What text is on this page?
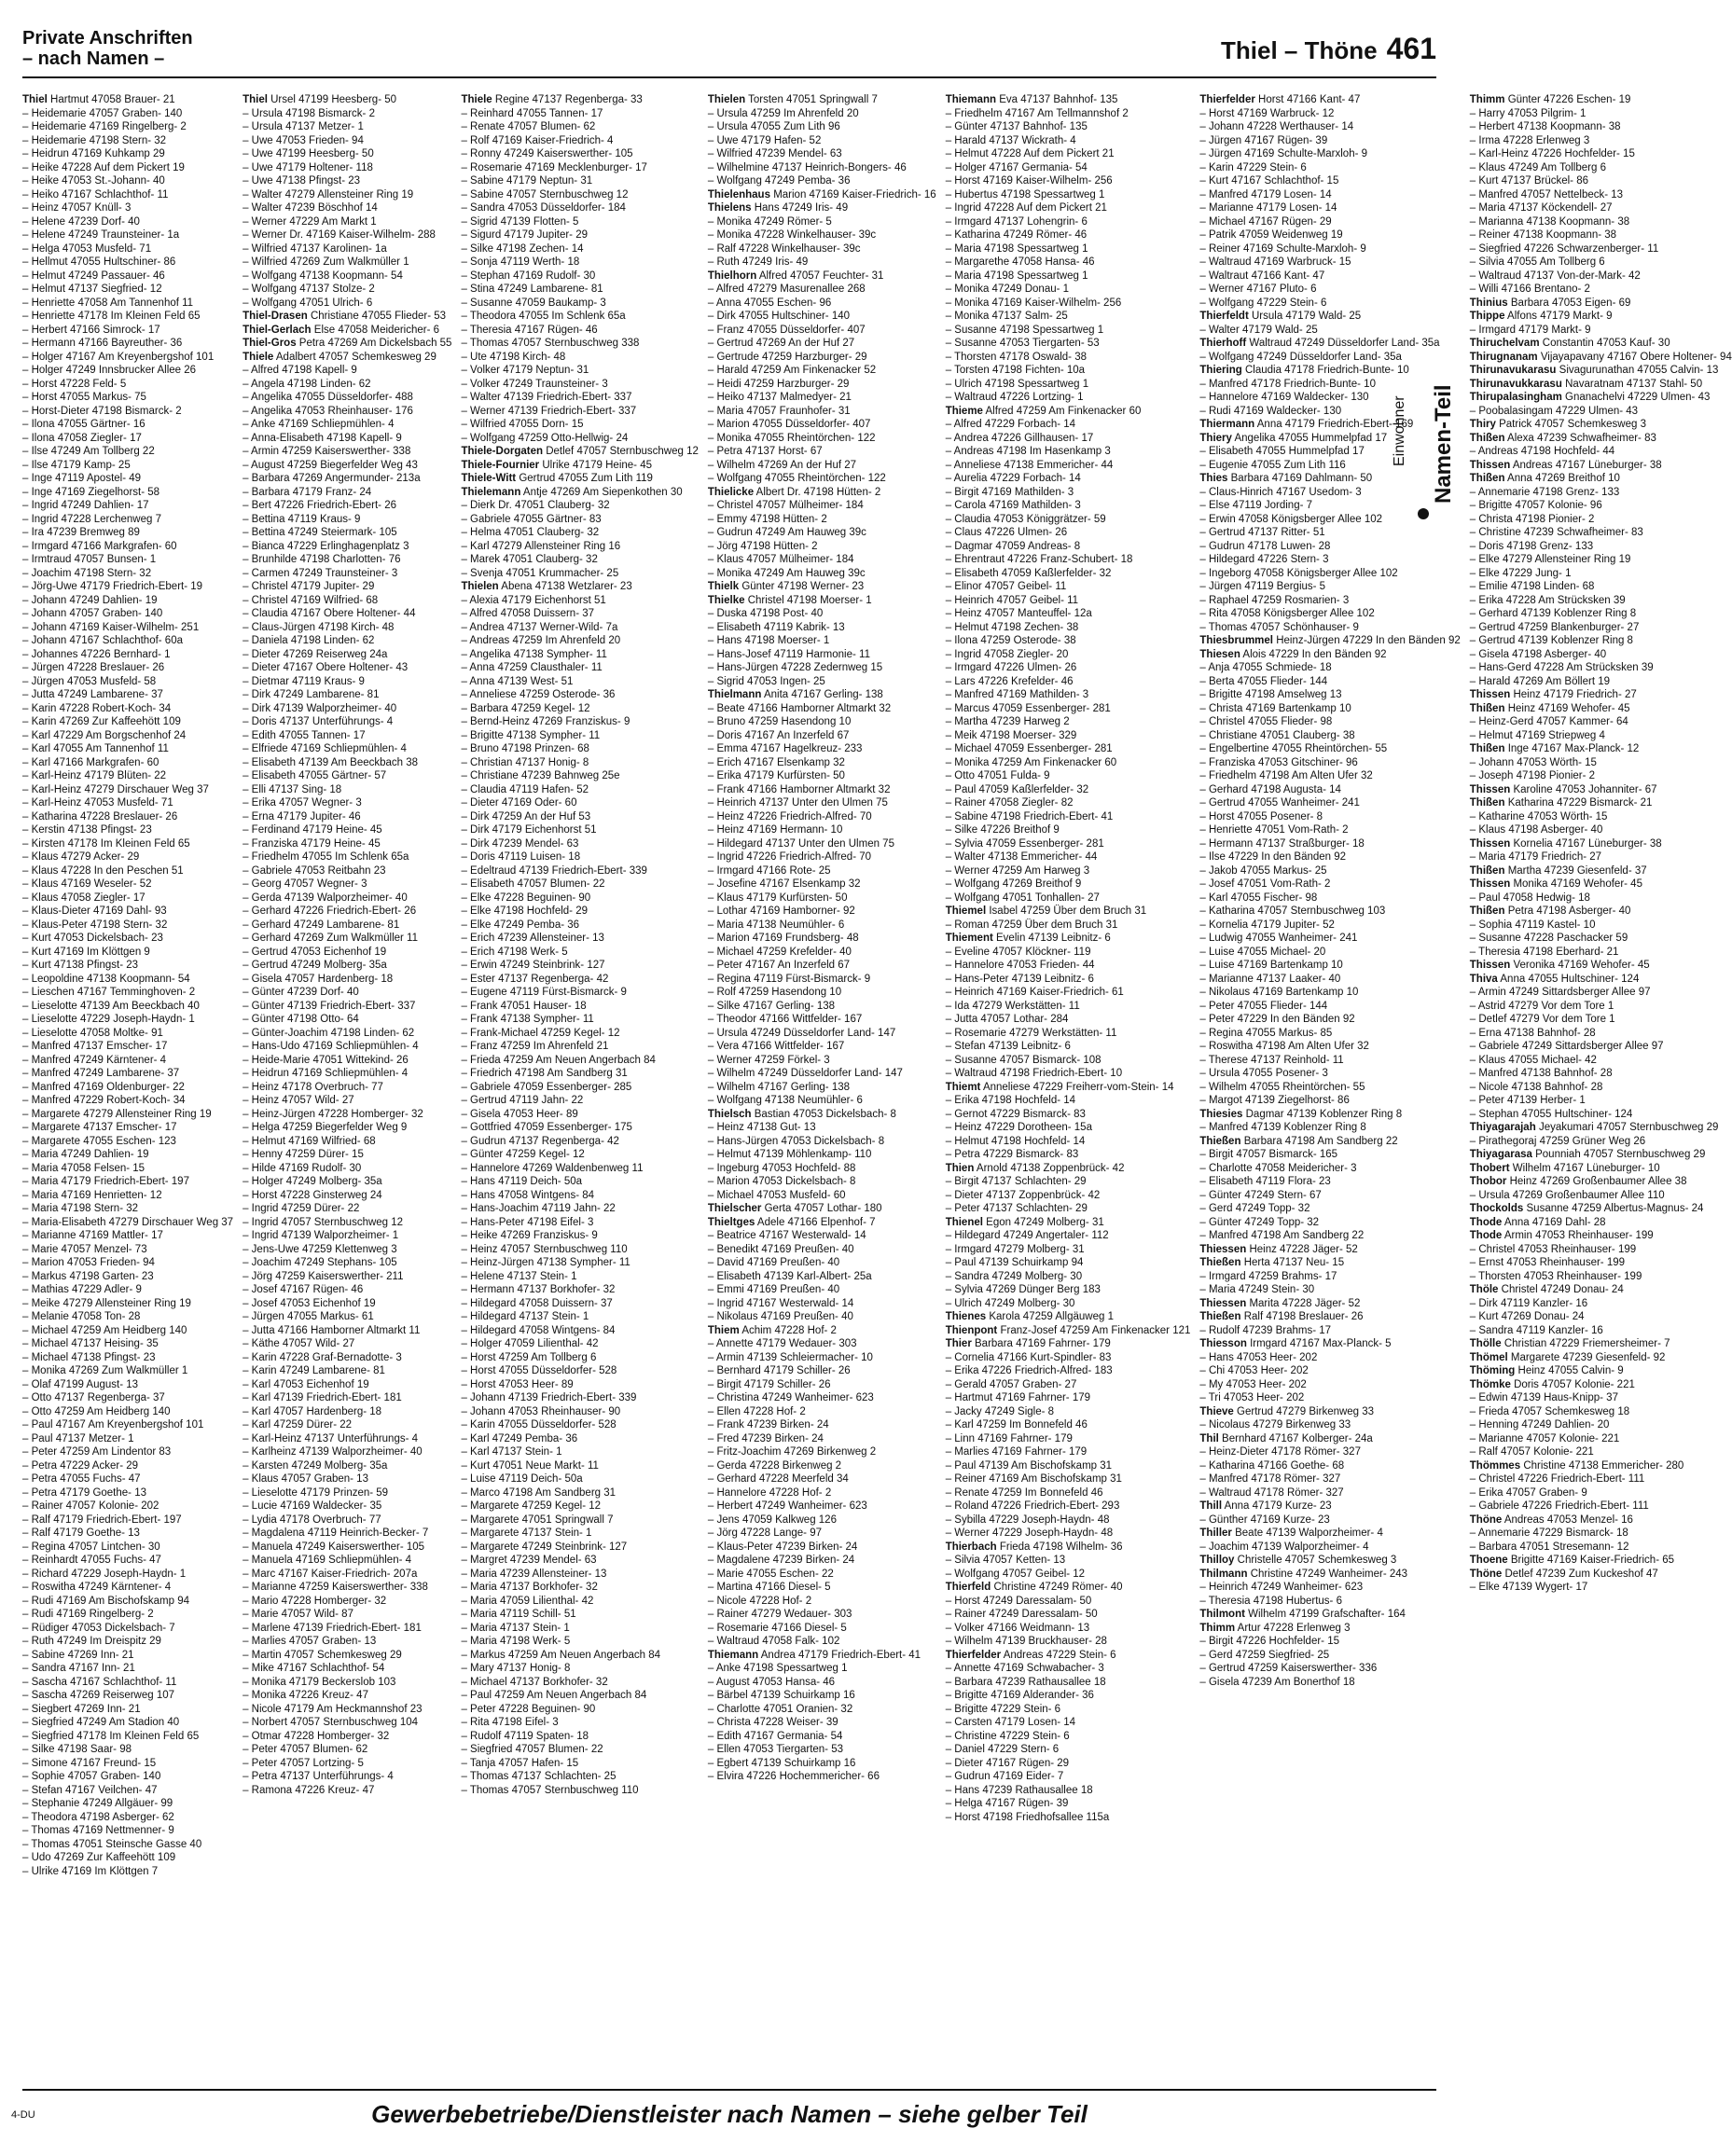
Private Anschriften
– nach Namen –	Thiel – Thöne 461
Thiel Hartmut 47058 Brauer- 21
– Heidemarie 47057 Graben- 140
– Heidemarie 47169 Ringelberg- 2
– Heidemarie 47198 Stern- 32
– Heidrun 47169 Kuhkamp 29
– Heike 47228 Auf dem Pickert 19
– Heike 47053 St.-Johann- 40
– Heiko 47167 Schlachthof- 11
– Heinz 47057 Knüll- 3
– Helene 47239 Dorf- 40
– Helene 47249 Traunsteiner- 1a
– Helga 47053 Musfeld- 71
– Hellmut 47055 Hultschiner- 86
– Helmut 47249 Passauer- 46
– Helmut 47137 Siegfried- 12
– Henriette 47058 Am Tannenhof 11
– Henriette 47178 Im Kleinen Feld 65
– Herbert 47166 Simrock- 17
– Hermann 47166 Bayreuther- 36
– Holger 47167 Am Kreyenbergshof 101
– Holger 47249 Innsbrucker Allee 26
– Horst 47228 Feld- 5
– Horst 47055 Markus- 75
– Horst-Dieter 47198 Bismarck- 2
– Ilona 47055 Gärtner- 16
– Ilona 47058 Ziegler- 17
– Ilse 47249 Am Tollberg 22
– Ilse 47179 Kamp- 25
– Inge 47119 Apostel- 49
– Inge 47169 Ziegelhorst- 58
– Ingrid 47249 Dahlien- 17
– Ingrid 47228 Lerchenweg 7
– Ira 47239 Bremweg 89
– Irmgard 47166 Markgrafen- 60
– Irmtraud 47057 Bunsen- 1
– Joachim 47198 Stern- 32
– Jörg-Uwe 47179 Friedrich-Ebert- 19
– Johann 47249 Dahlien- 19
– Johann 47057 Graben- 140
– Johann 47169 Kaiser-Wilhelm- 251
– Johann 47167 Schlachthof- 60a
– Johannes 47226 Bernhard- 1
– Jürgen 47228 Breslauer- 26
– Jürgen 47053 Musfeld- 58
– Jutta 47249 Lambarene- 37
– Karin 47228 Robert-Koch- 34
– Karin 47269 Zur Kaffeehött 109
– Karl 47229 Am Borgschenhof 24
– Karl 47055 Am Tannenhof 11
– Karl 47166 Markgrafen- 60
– Karl-Heinz 47179 Blüten- 22
– Karl-Heinz 47279 Dirschauer Weg 37
– Karl-Heinz 47053 Musfeld- 71
– Katharina 47228 Breslauer- 26
– Kerstin 47138 Pfingst- 23
– Kirsten 47178 Im Kleinen Feld 65
– Klaus 47279 Acker- 29
– Klaus 47228 In den Peschen 51
– Klaus 47169 Weseler- 52
– Klaus 47058 Ziegler- 17
– Klaus-Dieter 47169 Dahl- 93
– Klaus-Peter 47198 Stern- 32
– Kurt 47053 Dickelsbach- 23
– Kurt 47169 Im Klöttgen 9
– Kurt 47138 Pfingst- 23
– Leopoldine 47138 Koopmann- 54
– Lieschen 47167 Temminghoven- 2
– Lieselotte 47139 Am Beeckbach 40
– Lieselotte 47229 Joseph-Haydn- 1
– Lieselotte 47058 Moltke- 91
– Manfred 47137 Emscher- 17
– Manfred 47249 Kärntener- 4
– Manfred 47249 Lambarene- 37
– Manfred 47169 Oldenburger- 22
– Manfred 47229 Robert-Koch- 34
– Margarete 47279 Allensteiner Ring 19
– Margarete 47137 Emscher- 17
– Margarete 47055 Eschen- 123
– Maria 47249 Dahlien- 19
– Maria 47058 Felsen- 15
– Maria 47179 Friedrich-Ebert- 197
– Maria 47169 Henrietten- 12
– Maria 47198 Stern- 32
– Maria-Elisabeth 47279 Dirschauer Weg 37
– Marianne 47169 Mattler- 17
– Marie 47057 Menzel- 73
– Marion 47053 Frieden- 94
– Markus 47198 Garten- 23
– Mathias 47229 Adler- 9
– Meike 47279 Allensteiner Ring 19
– Melanie 47058 Ton- 28
– Michael 47259 Am Heidberg 140
– Michael 47137 Heising- 35
– Michael 47138 Pfingst- 23
– Monika 47269 Zum Walkmüller 1
– Olaf 47199 August- 13
– Otto 47137 Regenberga- 37
– Otto 47259 Am Heidberg 140
– Paul 47167 Am Kreyenbergshof 101
– Paul 47137 Metzer- 1
– Peter 47259 Am Lindentor 83
– Petra 47229 Acker- 29
– Petra 47055 Fuchs- 47
– Petra 47179 Goethe- 13
– Rainer 47057 Kolonie- 202
– Ralf 47179 Friedrich-Ebert- 197
– Ralf 47179 Goethe- 13
– Regina 47057 Lintchen- 30
– Reinhardt 47055 Fuchs- 47
– Richard 47229 Joseph-Haydn- 1
– Roswitha 47249 Kärntener- 4
– Rudi 47169 Am Bischofskamp 94
– Rudi 47169 Ringelberg- 2
– Rüdiger 47053 Dickelsbach- 7
– Ruth 47249 Im Dreispitz 29
– Sabine 47269 Inn- 21
– Sandra 47167 Inn- 21
– Sascha 47167 Schlachthof- 11
– Sascha 47269 Reiserweg 107
– Siegbert 47269 Inn- 21
– Siegfried 47249 Am Stadion 40
– Siegfried 47178 Im Kleinen Feld 65
– Silke 47198 Saar- 98
– Simone 47167 Freund- 15
– Sophie 47057 Graben- 140
– Stefan 47167 Veilchen- 47
– Stephanie 47249 Allgäuer- 99
– Theodora 47198 Asberger- 62
– Thomas 47169 Nettmenner- 9
– Thomas 47051 Steinsche Gasse 40
– Udo 47269 Zur Kaffeehött 109
– Ulrike 47169 Im Klöttgen 7
Thiel Ursel 47199 Heesberg- 50
– Ursula 47198 Bismarck- 2
– Ursula 47137 Metzer- 1
– Uwe 47053 Frieden- 94
– Uwe 47199 Heesberg- 50
– Uwe 47179 Holtener- 118
– Uwe 47138 Pfingst- 23
– Walter 47279 Allensteiner Ring 19
– Walter 47239 Böschhof 14
– Werner 47229 Am Markt 1
– Werner Dr. 47169 Kaiser-Wilhelm- 288
– Wilfried 47137 Karolinen- 1a
– Wilfried 47269 Zum Walkmüller 1
– Wolfgang 47138 Koopmann- 54
– Wolfgang 47137 Stolze- 2
– Wolfgang 47051 Ulrich- 6
Thiel-Drasen Christiane 47055 Flieder- 53
Thiel-Gerlach Else 47058 Meidericher- 6
Thiel-Gros Petra 47269 Am Dickelsbach 55
Thiele Adalbert 47057 Schemkesweg 29
– Alfred 47198 Kapell- 9
– Angela 47198 Linden- 62
– Angelika 47055 Düsseldorfer- 488
– Angelika 47053 Rheinhauser- 176
– Anke 47169 Schliepmühlen- 4
– Anna-Elisabeth 47198 Kapell- 9
– Armin 47259 Kaiserswerther- 338
– August 47259 Biegerfelder Weg 43
– Barbara 47269 Angermunder- 213a
– Barbara 47179 Franz- 24
– Bert 47226 Friedrich-Ebert- 26
– Bettina 47119 Kraus- 9
– Bettina 47249 Steiermark- 105
– Bianca 47229 Erlinghagenplatz 3
– Brunhilde 47198 Charlotten- 76
– Carmen 47249 Traunsteiner- 3
– Christel 47179 Jupiter- 29
– Christel 47169 Wilfried- 68
– Claudia 47167 Obere Holtener- 44
– Claus-Jürgen 47198 Kirch- 48
– Daniela 47198 Linden- 62
– Dieter 47269 Reiserweg 24a
– Dieter 47167 Obere Holtener- 43
– Dietmar 47119 Kraus- 9
– Dirk 47249 Lambarene- 81
– Dirk 47139 Walporzheimer- 40
– Doris 47137 Unterführungs- 4
– Edith 47055 Tannen- 17
– Elfriede 47169 Schliepmühlen- 4
– Elisabeth 47139 Am Beeckbach 38
– Elisabeth 47055 Gärtner- 57
– Elli 47137 Sing- 18
– Erika 47057 Wegner- 3
– Erna 47179 Jupiter- 46
– Ferdinand 47179 Heine- 45
– Franziska 47179 Heine- 45
– Friedhelm 47055 Im Schlenk 65a
– Gabriele 47053 Reitbahn 23
– Georg 47057 Wegner- 3
– Gerda 47139 Walporzheimer- 40
– Gerhard 47226 Friedrich-Ebert- 26
– Gerhard 47249 Lambarene- 81
– Gerhard 47269 Zum Walkmüller 11
– Gertrud 47053 Eichenhof 19
– Gertrud 47249 Molberg- 35a
– Gisela 47057 Hardenberg- 18
– Günter 47239 Dorf- 40
– Günter 47139 Friedrich-Ebert- 337
– Günter 47198 Otto- 64
– Günter-Joachim 47198 Linden- 62
– Hans-Udo 47169 Schliepmühlen- 4
– Heide-Marie 47051 Wittekind- 26
– Heidrun 47169 Schliepmühlen- 4
– Heinz 47178 Overbruch- 77
– Heinz 47057 Wild- 27
– Heinz-Jürgen 47228 Homberger- 32
– Helga 47259 Biegerfelder Weg 9
– Helmut 47169 Wilfried- 68
– Henny 47259 Dürer- 15
– Hilde 47169 Rudolf- 30
– Holger 47249 Molberg- 35a
– Horst 47228 Ginsterweg 24
– Ingrid 47259 Dürer- 22
– Ingrid 47057 Sternbuschweg 12
– Ingrid 47139 Walporzheimer- 1
– Jens-Uwe 47259 Klettenweg 3
– Joachim 47249 Stephans- 105
– Jörg 47259 Kaiserswerther- 211
– Josef 47167 Rügen- 46
– Josef 47053 Eichenhof 19
– Jürgen 47055 Markus- 61
– Jutta 47166 Hamborner Altmarkt 11
– Käthe 47057 Wild- 27
– Karin 47228 Graf-Bernadotte- 3
– Karin 47249 Lambarene- 81
– Karl 47053 Eichenhof 19
– Karl 47139 Friedrich-Ebert- 181
– Karl 47057 Hardenberg- 18
– Karl 47259 Dürer- 22
– Karl-Heinz 47137 Unterführungs- 4
– Karlheinz 47139 Walporzheimer- 40
– Karsten 47249 Molberg- 35a
– Klaus 47057 Graben- 13
– Lieselotte 47179 Prinzen- 59
– Lucie 47169 Waldecker- 35
– Lydia 47178 Overbruch- 77
– Magdalena 47119 Heinrich-Becker- 7
– Manuela 47249 Kaiserswerther- 105
– Manuela 47169 Schliepmühlen- 4
– Marc 47167 Kaiser-Friedrich- 207a
– Marianne 47259 Kaiserswerther- 338
– Mario 47228 Homberger- 32
– Marie 47057 Wild- 87
– Marlene 47139 Friedrich-Ebert- 181
– Marlies 47057 Graben- 13
– Martin 47057 Schemkesweg 29
– Mike 47167 Schlachthof- 54
– Monika 47179 Beckerslob 103
– Monika 47226 Kreuz- 47
– Nicole 47179 Am Heckmannshof 23
– Norbert 47057 Sternbuschweg 104
– Otmar 47228 Homberger- 32
– Peter 47057 Blumen- 62
– Peter 47057 Lortzing- 5
– Petra 47137 Unterführungs- 4
– Ramona 47226 Kreuz- 47
Thiele Regine 47137 Regenberga- 33
– Reinhard 47055 Tannen- 17
– Renate 47057 Blumen- 62
– Rolf 47169 Kaiser-Friedrich- 4
– Ronny 47249 Kaiserswerther- 105
– Rosemarie 47169 Mecklenburger- 17
– Sabine 47179 Neptun- 31
– Sabine 47057 Sternbuschweg 12
– Sandra 47053 Düsseldorfer- 184
– Sigrid 47139 Flotten- 5
– Sigurd 47179 Jupiter- 29
– Silke 47198 Zechen- 14
– Sonja 47119 Werth- 18
– Stephan 47169 Rudolf- 30
– Stina 47249 Lambarene- 81
– Susanne 47059 Baukamp- 3
– Theodora 47055 Im Schlenk 65a
– Theresia 47167 Rügen- 46
– Thomas 47057 Sternbuschweg 338
– Ute 47198 Kirch- 48
– Volker 47179 Neptun- 31
– Volker 47249 Traunsteiner- 3
– Walter 47139 Friedrich-Ebert- 337
– Werner 47139 Friedrich-Ebert- 337
– Wilfried 47055 Dorn- 15
– Wolfgang 47259 Otto-Hellwig- 24
Thiele-Dorgaten Detlef 47057 Sternbuschweg 12
Thiele-Fournier Ulrike 47179 Heine- 45
Thiele-Witt Gertrud 47055 Zum Lith 119
Thielemann Antje 47269 Am Siepenkothen 30
– Dierk Dr. 47051 Clauberg- 32
– Gabriele 47055 Gärtner- 83
– Helma 47051 Clauberg- 32
– Karl 47279 Allensteiner Ring 16
– Marek 47051 Clauberg- 32
– Svenja 47051 Krummacher- 25
Thielen Abena 47138 Wetzlarer- 23
– Alexia 47179 Eichenhorst 51
– Alfred 47058 Duissern- 37
– Andrea 47137 Werner-Wild- 7a
– Andreas 47259 Im Ahrenfeld 20
– Angelika 47138 Sympher- 11
– Anna 47259 Clausthaler- 11
– Anna 47139 West- 51
– Anneliese 47259 Osterode- 36
– Barbara 47259 Kegel- 12
– Bernd-Heinz 47269 Franziskus- 9
– Brigitte 47138 Sympher- 11
– Bruno 47198 Prinzen- 68
– Christian 47137 Honig- 8
– Christiane 47239 Bahnweg 25e
– Claudia 47119 Hafen- 52
– Dieter 47169 Oder- 60
– Dirk 47259 An der Huf 53
– Dirk 47179 Eichenhorst 51
– Dirk 47239 Mendel- 63
– Doris 47119 Luisen- 18
– Edeltraud 47139 Friedrich-Ebert- 339
– Elisabeth 47057 Blumen- 22
– Elke 47228 Beguinen- 90
– Elke 47198 Hochfeld- 29
– Elke 47249 Pemba- 36
– Erich 47239 Allensteiner- 13
– Erich 47198 Werk- 5
– Erwin 47249 Steinbrink- 127
– Ester 47137 Regenberga- 42
– Eugene 47119 Fürst-Bismarck- 9
– Frank 47051 Hauser- 18
– Frank 47138 Sympher- 11
– Frank-Michael 47259 Kegel- 12
– Franz 47259 Im Ahrenfeld 21
– Frieda 47259 Am Neuen Angerbach 84
– Friedrich 47198 Am Sandberg 31
– Gabriele 47059 Essenberger- 285
– Gertrud 47119 Jahn- 22
– Gisela 47053 Heer- 89
– Gottfried 47059 Essenberger- 175
– Gudrun 47137 Regenberga- 42
– Günter 47259 Kegel- 12
– Hannelore 47269 Waldenbenweg 11
– Hans 47119 Deich- 50a
– Hans 47058 Wintgens- 84
– Hans-Joachim 47119 Jahn- 22
– Hans-Peter 47198 Eifel- 3
– Heike 47269 Franziskus- 9
– Heinz 47057 Sternbuschweg 110
– Heinz-Jürgen 47138 Sympher- 11
– Helene 47137 Stein- 1
– Hermann 47137 Borkhofer- 32
– Hildegard 47058 Duissern- 37
– Hildegard 47137 Stein- 1
– Hildegard 47058 Wintgens- 84
– Holger 47059 Lilienthal- 42
– Horst 47259 Am Tollberg 6
– Horst 47055 Düsseldorfer- 528
– Horst 47053 Heer- 89
– Johann 47139 Friedrich-Ebert- 339
– Johann 47053 Rheinhauser- 90
– Karin 47055 Düsseldorfer- 528
– Karl 47249 Pemba- 36
– Karl 47137 Stein- 1
– Kurt 47051 Neue Markt- 11
– Luise 47119 Deich- 50a
– Marco 47198 Am Sandberg 31
– Margarete 47259 Kegel- 12
– Margarete 47051 Springwall 7
– Margarete 47137 Stein- 1
– Margarete 47249 Steinbrink- 127
– Margret 47239 Mendel- 63
– Maria 47239 Allensteiner- 13
– Maria 47137 Borkhofer- 32
– Maria 47059 Lilienthal- 42
– Maria 47119 Schill- 51
– Maria 47137 Stein- 1
– Maria 47198 Werk- 5
– Markus 47259 Am Neuen Angerbach 84
– Mary 47137 Honig- 8
– Michael 47137 Borkhofer- 32
– Paul 47259 Am Neuen Angerbach 84
– Peter 47228 Beguinen- 90
– Rita 47198 Eifel- 3
– Rudolf 47119 Spaten- 18
– Siegfried 47057 Blumen- 22
– Tanja 47057 Hafen- 15
– Thomas 47137 Schlachten- 25
– Thomas 47057 Sternbuschweg 110
Thielen Torsten 47051 Springwall 7
– Ursula 47259 Im Ahrenfeld 20
– Ursula 47055 Zum Lith 96
– Uwe 47179 Hafen- 52
– Wilfried 47239 Mendel- 63
– Wilhelmine 47137 Heinrich-Bongers- 46
– Wolfgang 47249 Pemba- 36
Thielenhaus Marion 47169 Kaiser-Friedrich- 16
Thielens Hans 47249 Iris- 49
– Monika 47249 Römer- 5
– Monika 47228 Winkelhauser- 39c
– Ralf 47228 Winkelhauser- 39c
– Ruth 47249 Iris- 49
Thielhorn Alfred 47057 Feuchter- 31
– Alfred 47279 Masurenallee 268
– Anna 47055 Eschen- 96
– Dirk 47055 Hultschiner- 140
– Franz 47055 Düsseldorfer- 407
– Gertrud 47269 An der Huf 27
– Gertrude 47259 Harzburger- 29
– Harald 47259 Am Finkenacker 52
– Heidi 47259 Harzburger- 29
– Heiko 47137 Malmedyer- 21
– Maria 47057 Fraunhofer- 31
– Marion 47055 Düsseldorfer- 407
– Monika 47055 Rheintörchen- 122
– Petra 47137 Horst- 67
– Wilhelm 47269 An der Huf 27
– Wolfgang 47055 Rheintörchen- 122
Thielicke Albert Dr. 47198 Hütten- 2
– Christel 47057 Mülheimer- 184
– Emmy 47198 Hütten- 2
– Gudrun 47249 Am Hauweg 39c
– Jörg 47198 Hütten- 2
– Klaus 47057 Mülheimer- 184
– Monika 47249 Am Hauweg 39c
Thielk Günter 47198 Werner- 23
Thielke Christel 47198 Moerser- 1
– Duska 47198 Post- 40
– Elisabeth 47119 Kabrik- 13
– Hans 47198 Moerser- 1
– Hans-Josef 47119 Harmonie- 11
– Hans-Jürgen 47228 Zedernweg 15
– Sigrid 47053 Ingen- 25
Thielmann Anita 47167 Gerling- 138
– Beate 47166 Hamborner Altmarkt 32
– Bruno 47259 Hasendong 10
– Doris 47167 An Inzerfeld 67
– Emma 47167 Hagelkreuz- 233
– Erich 47167 Elsenkamp 32
– Erika 47179 Kurfürsten- 50
– Frank 47166 Hamborner Altmarkt 32
– Heinrich 47137 Unter den Ulmen 75
– Heinz 47226 Friedrich-Alfred- 70
– Heinz 47169 Hermann- 10
– Hildegard 47137 Unter den Ulmen 75
– Ingrid 47226 Friedrich-Alfred- 70
– Irmgard 47166 Rote- 25
– Josefine 47167 Elsenkamp 32
– Klaus 47179 Kurfürsten- 50
– Lothar 47169 Hamborner- 92
– Maria 47138 Neumühler- 6
– Marion 47169 Frundsberg- 48
– Michael 47259 Krefelder- 40
– Peter 47167 An Inzerfeld 67
– Regina 47119 Fürst-Bismarck- 9
– Rolf 47259 Hasendong 10
– Silke 47167 Gerling- 138
– Theodor 47166 Wittfelder- 167
– Ursula 47249 Düsseldorfer Land- 147
– Vera 47166 Wittfelder- 167
– Werner 47259 Förkel- 3
– Wilhelm 47249 Düsseldorfer Land- 147
– Wilhelm 47167 Gerling- 138
– Wolfgang 47138 Neumühler- 6
Thielsch Bastian 47053 Dickelsbach- 8
– Heinz 47138 Gut- 13
– Hans-Jürgen 47053 Dickelsbach- 8
– Helmut 47139 Möhlenkamp- 110
– Ingeburg 47053 Hochfeld- 88
– Marion 47053 Dickelsbach- 8
– Michael 47053 Musfeld- 60
Thielscher Gerta 47057 Lothar- 180
Thieltges Adele 47166 Elpenhof- 7
– Beatrice 47167 Westerwald- 14
– Benedikt 47169 Preußen- 40
– David 47169 Preußen- 40
– Elisabeth 47139 Karl-Albert- 25a
– Emmi 47169 Preußen- 40
– Ingrid 47167 Westerwald- 14
– Nikolaus 47169 Preußen- 40
Thiem Achim 47228 Hof- 2
– Annette 47179 Wedauer- 303
– Armin 47139 Schleiermacher- 10
– Bernhard 47179 Schiller- 26
– Birgit 47179 Schiller- 26
– Christina 47249 Wanheimer- 623
– Ellen 47228 Hof- 2
– Frank 47239 Birken- 24
– Fred 47239 Birken- 24
– Fritz-Joachim 47269 Birkenweg 2
– Gerda 47228 Birkenweg 2
– Gerhard 47228 Meerfeld 34
– Hannelore 47228 Hof- 2
– Herbert 47249 Wanheimer- 623
– Jens 47059 Kalkweg 126
– Jörg 47228 Lange- 97
– Klaus-Peter 47239 Birken- 24
– Magdalene 47239 Birken- 24
– Marie 47055 Eschen- 22
– Martina 47166 Diesel- 5
– Nicole 47228 Hof- 2
– Rainer 47279 Wedauer- 303
– Rosemarie 47166 Diesel- 5
– Waltraud 47058 Falk- 102
Thiemann Andrea 47179 Friedrich-Ebert- 41
– Anke 47198 Spessartweg 1
– August 47053 Hansa- 46
– Bärbel 47139 Schuirkamp 16
– Charlotte 47051 Oranien- 32
– Christa 47228 Weiser- 39
– Edith 47167 Germania- 54
– Ellen 47053 Tiergarten- 53
– Egbert 47139 Schuirkamp 16
– Elvira 47226 Hochemmericher- 66
Thiemann Eva 47137 Bahnhof- 135
– Friedhelm 47167 Am Tellmannshof 2
– Günter 47137 Bahnhof- 135
– Harald 47137 Wickrath- 4
– Helmut 47228 Auf dem Pickert 21
– Holger 47167 Germania- 54
– Horst 47169 Kaiser-Wilhelm- 256
– Hubertus 47198 Spessartweg 1
– Ingrid 47228 Auf dem Pickert 21
– Irmgard 47137 Lohengrin- 6
– Katharina 47249 Römer- 46
– Maria 47198 Spessartweg 1
– Margarethe 47058 Hansa- 46
– Maria 47198 Spessartweg 1
– Monika 47249 Donau- 1
– Monika 47169 Kaiser-Wilhelm- 256
– Monika 47137 Salm- 25
– Susanne 47198 Spessartweg 1
– Susanne 47053 Tiergarten- 53
– Thorsten 47178 Oswald- 38
– Torsten 47198 Fichten- 10a
– Ulrich 47198 Spessartweg 1
– Waltraud 47226 Lortzing- 1
Thieme Alfred 47259 Am Finkenacker 60
– Alfred 47229 Forbach- 14
– Andrea 47226 Gillhausen- 17
– Andreas 47198 Im Hasenkamp 3
– Anneliese 47138 Emmericher- 44
– Aurelia 47229 Forbach- 14
– Birgit 47169 Mathilden- 3
– Carola 47169 Mathilden- 3
– Claudia 47053 Königgrätzer- 59
– Claus 47226 Ulmen- 26
– Dagmar 47059 Andreas- 8
– Ehrentraut 47226 Franz-Schubert- 18
– Elisabeth 47059 Kaßlerfelder- 32
– Elinor 47057 Geibel- 11
– Heinrich 47057 Geibel- 11
– Heinz 47057 Manteuffel- 12a
– Helmut 47198 Zechen- 38
– Ilona 47259 Osterode- 38
– Ingrid 47058 Ziegler- 20
– Irmgard 47226 Ulmen- 26
– Lars 47226 Krefelder- 46
– Manfred 47169 Mathilden- 3
– Marcus 47059 Essenberger- 281
– Martha 47239 Harweg 2
– Meik 47198 Moerser- 329
– Michael 47059 Essenberger- 281
– Monika 47259 Am Finkenacker 60
– Otto 47051 Fulda- 9
– Paul 47059 Kaßlerfelder- 32
– Rainer 47058 Ziegler- 82
– Sabine 47198 Friedrich-Ebert- 41
– Silke 47226 Breithof 9
– Sylvia 47059 Essenberger- 281
– Walter 47138 Emmericher- 44
– Werner 47259 Am Harweg 3
– Wolfgang 47269 Breithof 9
– Wolfgang 47051 Tonhallen- 27
Thiemel Isabel 47259 Über dem Bruch 31
– Roman 47259 Über dem Bruch 31
Thiement Evelin 47139 Leibnitz- 6
– Eveline 47057 Klöckner- 119
– Hannelore 47053 Frieden- 44
– Hans-Peter 47139 Leibnitz- 6
– Heinrich 47169 Kaiser-Friedrich- 61
– Ida 47279 Werkstätten- 11
– Jutta 47057 Lothar- 284
– Rosemarie 47279 Werkstätten- 11
– Stefan 47139 Leibnitz- 6
– Susanne 47057 Bismarck- 108
– Waltraud 47198 Friedrich-Ebert- 10
Thiemt Anneliese 47229 Freiherr-vom-Stein- 14
– Erika 47198 Hochfeld- 14
– Gernot 47229 Bismarck- 83
– Heinz 47229 Dorotheen- 15a
– Helmut 47198 Hochfeld- 14
– Petra 47229 Bismarck- 83
Thien Arnold 47138 Zoppenbrück- 42
– Birgit 47137 Schlachten- 29
– Dieter 47137 Zoppenbrück- 42
– Peter 47137 Schlachten- 29
Thienel Egon 47249 Molberg- 31
– Hildegard 47249 Angertaler- 112
– Irmgard 47279 Molberg- 31
– Paul 47139 Schuirkamp 94
– Sandra 47249 Molberg- 30
– Sylvia 47269 Dünger Berg 183
– Ulrich 47249 Molberg- 30
Thienes Karola 47259 Allgäuweg 1
Thienpont Franz-Josef 47259 Am Finkenacker 121
Thier Barbara 47169 Fahrner- 179
– Cornelia 47166 Kurt-Spindler- 83
– Erika 47226 Friedrich-Alfred- 183
– Gerald 47057 Graben- 27
– Hartmut 47169 Fahrner- 179
– Jacky 47249 Sigle- 8
– Karl 47259 Im Bonnefeld 46
– Linn 47169 Fahrner- 179
– Marlies 47169 Fahrner- 179
– Paul 47139 Am Bischofskamp 31
– Reiner 47169 Am Bischofskamp 31
– Renate 47259 Im Bonnefeld 46
– Roland 47226 Friedrich-Ebert- 293
– Sybilla 47229 Joseph-Haydn- 48
– Werner 47229 Joseph-Haydn- 48
Thierbach Frieda 47198 Wilhelm- 36
– Silvia 47057 Ketten- 13
– Wolfgang 47057 Geibel- 12
Thierfeld Christine 47249 Römer- 40
– Horst 47249 Daressalam- 50
– Rainer 47249 Daressalam- 50
– Volker 47166 Weidmann- 13
– Wilhelm 47139 Bruckhauser- 28
Thierfelder Andreas 47229 Stein- 6
– Annette 47169 Schwabacher- 3
– Barbara 47239 Rathausallee 18
– Brigitte 47169 Alderander- 36
– Brigitte 47229 Stein- 6
– Carsten 47179 Losen- 14
– Christine 47229 Stein- 6
– Daniel 47229 Stern- 6
– Dieter 47167 Rügen- 29
– Gudrun 47169 Eider- 7
– Hans 47239 Rathausallee 18
– Helga 47167 Rügen- 39
– Horst 47198 Friedhofsallee 115a
Thierfelder Horst 47166 Kant- 47
– Horst 47169 Warbruck- 12
– Johann 47228 Werthauser- 14
– Jürgen 47167 Rügen- 39
– Jürgen 47169 Schulte-Marxloh- 9
– Karin 47229 Stein- 6
– Kurt 47167 Schlachthof- 15
– Manfred 47179 Losen- 14
– Marianne 47179 Losen- 14
– Michael 47167 Rügen- 29
– Patrik 47059 Weidenweg 19
– Reiner 47169 Schulte-Marxloh- 9
– Waltraud 47169 Warbruck- 15
– Waltraut 47166 Kant- 47
– Werner 47167 Pluto- 6
– Wolfgang 47229 Stein- 6
Thierfeldt Ursula 47179 Wald- 25
– Walter 47179 Wald- 25
Thierhoff Waltraud 47249 Düsseldorfer Land- 35a
– Wolfgang 47249 Düsseldorfer Land- 35a
Thiering Claudia 47178 Friedrich-Bunte- 10
– Manfred 47178 Friedrich-Bunte- 10
– Hannelore 47169 Waldecker- 130
– Rudi 47169 Waldecker- 130
Thiermann Anna 47179 Friedrich-Ebert- 169
Thiery Angelika 47055 Hummelpfad 17
– Elisabeth 47055 Hummelpfad 17
– Eugenie 47055 Zum Lith 116
Thies Barbara 47169 Dahlmann- 50
– Claus-Hinrich 47167 Usedom- 3
– Else 47119 Jording- 7
– Erwin 47058 Königsberger Allee 102
– Gertrud 47137 Ritter- 51
– Gudrun 47178 Luwen- 28
– Hildegard 47226 Stern- 3
– Ingeborg 47058 Königsberger Allee 102
– Jürgen 47119 Bergius- 5
– Raphael 47259 Rosmarien- 3
– Rita 47058 Königsberger Allee 102
– Thomas 47057 Schönhauser- 9
Thiesbrummel Heinz-Jürgen 47229 In den Bänden 92
Thiesen Alois 47229 In den Bänden 92
– Anja 47055 Schmiede- 18
– Berta 47055 Flieder- 144
– Brigitte 47198 Amselweg 13
– Christa 47169 Bartenkamp 10
– Christel 47055 Flieder- 98
– Christiane 47051 Clauberg- 38
– Engelbertine 47055 Rheintörchen- 55
– Franziska 47053 Gitschiner- 96
– Friedhelm 47198 Am Alten Ufer 32
– Gerhard 47198 Augusta- 14
– Gertrud 47055 Wanheimer- 241
– Horst 47055 Posener- 8
– Henriette 47051 Vom-Rath- 2
– Hermann 47137 Straßburger- 18
– Ilse 47229 In den Bänden 92
– Jakob 47055 Markus- 25
– Josef 47051 Vom-Rath- 2
– Karl 47055 Fischer- 98
– Katharina 47057 Sternbuschweg 103
– Kornelia 47179 Jupiter- 52
– Ludwig 47055 Wanheimer- 241
– Luise 47055 Michael- 20
– Luise 47169 Bartenkamp 10
– Marianne 47137 Laaker- 40
– Nikolaus 47169 Bartenkamp 10
– Peter 47055 Flieder- 144
– Peter 47229 In den Bänden 92
– Regina 47055 Markus- 85
– Roswitha 47198 Am Alten Ufer 32
– Therese 47137 Reinhold- 11
– Ursula 47055 Posener- 3
– Wilhelm 47055 Rheintörchen- 55
– Margot 47139 Ziegelhorst- 86
Thiesies Dagmar 47139 Koblenzer Ring 8
– Manfred 47139 Koblenzer Ring 8
Thießen Barbara 47198 Am Sandberg 22
– Birgit 47057 Bismarck- 165
– Charlotte 47058 Meidericher- 3
– Elisabeth 47119 Flora- 23
– Günter 47249 Stern- 67
– Gerd 47249 Topp- 32
– Günter 47249 Topp- 32
– Manfred 47198 Am Sandberg 22
Thiessen Heinz 47228 Jäger- 52
Thießen Herta 47137 Neu- 15
– Irmgard 47259 Brahms- 17
– Maria 47249 Stein- 30
Thiessen Marita 47228 Jäger- 52
Thießen Ralf 47198 Breslauer- 26
– Rudolf 47239 Brahms- 17
Thiesson Irmgard 47167 Max-Planck- 5
– Hans 47053 Heer- 202
– Chi 47053 Heer- 202
– My 47053 Heer- 202
– Tri 47053 Heer- 202
Thieve Gertrud 47279 Birkenweg 33
– Nicolaus 47279 Birkenweg 33
Thil Bernhard 47167 Kolberger- 24a
– Heinz-Dieter 47178 Römer- 327
– Katharina 47166 Goethe- 68
– Manfred 47178 Römer- 327
– Waltraud 47178 Römer- 327
Thill Anna 47179 Kurze- 23
– Günther 47169 Kurze- 23
Thiller Beate 47139 Walporzheimer- 4
– Joachim 47139 Walporzheimer- 4
Thilloy Christelle 47057 Schemkesweg 3
Thilmann Christine 47249 Wanheimer- 243
– Heinrich 47249 Wanheimer- 623
– Theresia 47198 Hubertus- 6
Thilmont Wilhelm 47199 Grafschafter- 164
Thimm Artur 47228 Erlenweg 3
– Birgit 47226 Hochfelder- 15
– Gerd 47259 Siegfried- 25
– Gertrud 47259 Kaiserswerther- 336
– Gisela 47239 Am Bonerthof 18
Thimm Günter 47226 Eschen- 19
– Harry 47053 Pilgrim- 1
– Herbert 47138 Koopmann- 38
– Irma 47228 Erlenweg 3
– Karl-Heinz 47226 Hochfelder- 15
– Klaus 47249 Am Tollberg 6
– Kurt 47137 Brückel- 86
– Manfred 47057 Nettelbeck- 13
– Maria 47137 Köckendell- 27
– Marianna 47138 Koopmann- 38
– Reiner 47138 Koopmann- 38
– Siegfried 47226 Schwarzenberger- 11
– Silvia 47055 Am Tollberg 6
– Waltraud 47137 Von-der-Mark- 42
– Willi 47166 Brentano- 2
Thinius Barbara 47053 Eigen- 69
Thippe Alfons 47179 Markt- 9
– Irmgard 47179 Markt- 9
Thiruchelvam Constantin 47053 Kauf- 30
Thirugnanam Vijayapavany 47167 Obere Holtener- 94
Thirunavukarasu Sivagurunathan 47055 Calvin- 13
Thirunavukkarasu Navaratnam 47137 Stahl- 50
Thirupalasingham Gnanachelvi 47229 Ulmen- 43
– Poobalasingam 47229 Ulmen- 43
Thiry Patrick 47057 Schemkesweg 3
Thißen Alexa 47239 Schwafheimer- 83
– Andreas 47198 Hochfeld- 44
Thissen Andreas 47167 Lüneburger- 38
Thißen Anna 47269 Breithof 10
– Annemarie 47198 Grenz- 133
– Brigitte 47057 Kolonie- 96
– Christa 47198 Pionier- 2
– Christine 47239 Schwafheimer- 83
– Doris 47198 Grenz- 133
– Elke 47279 Allensteiner Ring 19
– Elke 47229 Jung- 1
– Emilie 47198 Linden- 68
– Erika 47228 Am Strücksken 39
– Gerhard 47139 Koblenzer Ring 8
– Gertrud 47259 Blankenburger- 27
– Gertrud 47139 Koblenzer Ring 8
– Gisela 47198 Asberger- 40
– Hans-Gerd 47228 Am Strücksken 39
– Harald 47269 Am Böllert 19
Thissen Heinz 47179 Friedrich- 27
Thißen Heinz 47169 Wehofer- 45
– Heinz-Gerd 47057 Kammer- 64
– Helmut 47169 Striepweg 4
Thißen Inge 47167 Max-Planck- 12
– Johann 47053 Wörth- 15
– Joseph 47198 Pionier- 2
Thissen Karoline 47053 Johanniter- 67
Thißen Katharina 47229 Bismarck- 21
– Katharine 47053 Wörth- 15
– Klaus 47198 Asberger- 40
Thissen Kornelia 47167 Lüneburger- 38
– Maria 47179 Friedrich- 27
Thißen Martha 47239 Giesenfeld- 37
Thissen Monika 47169 Wehofer- 45
– Paul 47058 Hedwig- 18
Thißen Petra 47198 Asberger- 40
– Sophia 47119 Kastel- 10
– Susanne 47228 Paschacker 59
– Theresia 47198 Eberhard- 21
Thissen Veronika 47169 Wehofer- 45
Thiva Anna 47055 Hultschiner- 124
– Armin 47249 Sittardsberger Allee 97
– Astrid 47279 Vor dem Tore 1
– Detlef 47279 Vor dem Tore 1
– Erna 47138 Bahnhof- 28
– Gabriele 47249 Sittardsberger Allee 97
– Klaus 47055 Michael- 42
– Manfred 47138 Bahnhof- 28
– Nicole 47138 Bahnhof- 28
– Peter 47139 Herber- 1
– Stephan 47055 Hultschiner- 124
Thiyagarajah Jeyakumari 47057 Sternbuschweg 29
– Pirathegoraj 47259 Grüner Weg 26
Thiyagarasa Pounniah 47057 Sternbuschweg 29
Thobert Wilhelm 47167 Lüneburger- 10
Thobor Heinz 47269 Großenbaumer Allee 38
– Ursula 47269 Großenbaumer Allee 110
Thockolds Susanne 47259 Albertus-Magnus- 24
Thode Anna 47169 Dahl- 28
Thode Armin 47053 Rheinhauser- 199
– Christel 47053 Rheinhauser- 199
– Ernst 47053 Rheinhauser- 199
– Thorsten 47053 Rheinhauser- 199
Thöle Christel 47249 Donau- 24
– Dirk 47119 Kanzler- 16
– Kurt 47269 Donau- 24
– Sandra 47119 Kanzler- 16
Thölle Christian 47229 Friemersheimer- 7
Thömel Margarete 47239 Giesenfeld- 92
Thöming Heinz 47055 Calvin- 9
Thömke Doris 47057 Kolonie- 221
– Edwin 47139 Haus-Knipp- 37
– Frieda 47057 Schemkesweg 18
– Henning 47249 Dahlien- 20
– Marianne 47057 Kolonie- 221
– Ralf 47057 Kolonie- 221
Thömmes Christine 47138 Emmericher- 280
– Christel 47226 Friedrich-Ebert- 111
– Erika 47057 Graben- 9
– Gabriele 47226 Friedrich-Ebert- 111
Thöne Andreas 47053 Menzel- 16
– Annemarie 47229 Bismarck- 18
– Barbara 47051 Stresemann- 12
Thoene Brigitte 47169 Kaiser-Friedrich- 65
Thöne Detlef 47239 Zum Kuckeshof 47
– Elke 47139 Wygert- 17
Einwohner Namen-Teil
4-DU	Gewerbebetriebe/Dienstleister nach Namen – siehe gelber Teil
